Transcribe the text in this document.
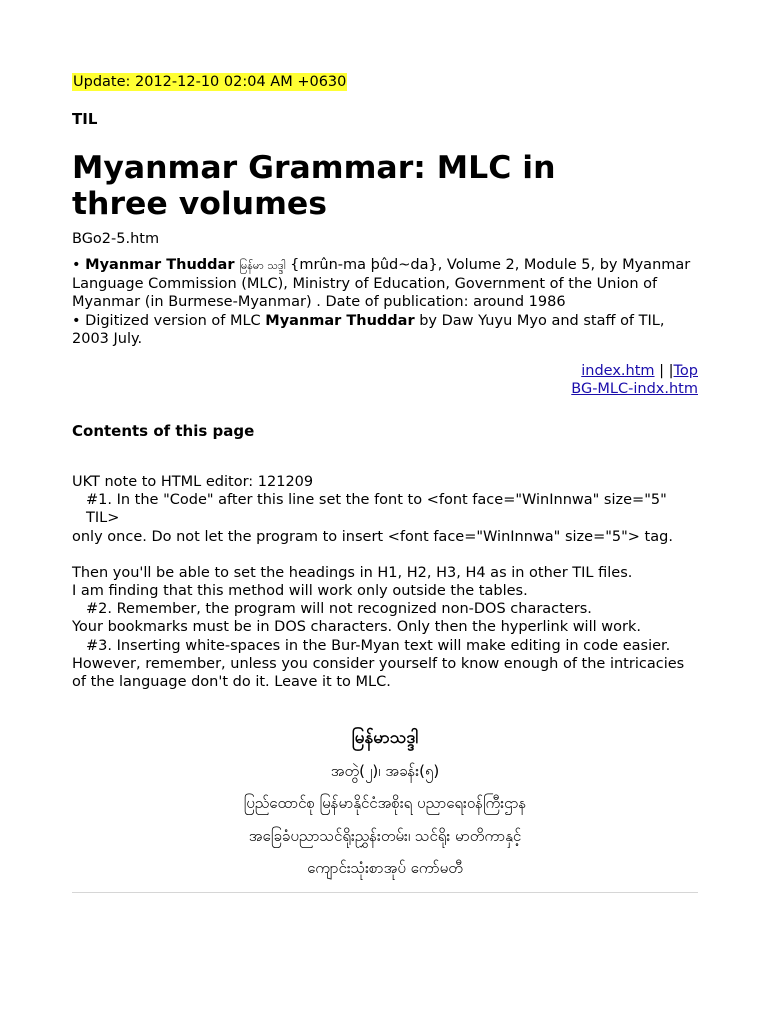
Update: 2012-12-10 02:04 AM +0630
TIL
Myanmar Grammar: MLC in three volumes
BGo2-5.htm
• Myanmar Thuddar မြန်မာ သဒ္ဒါ {mrûn-ma þûd~da}, Volume 2, Module 5, by Myanmar Language Commission (MLC), Ministry of Education, Government of the Union of Myanmar (in Burmese-Myanmar) . Date of publication: around 1986
• Digitized version of MLC Myanmar Thuddar by Daw Yuyu Myo and staff of TIL, 2003 July.
index.htm | |Top
BG-MLC-indx.htm
Contents of this page
UKT note to HTML editor: 121209
#1. In the "Code" after this line set the font to <font face="WinInnwa" size="5" TIL>
only once. Do not let the program to insert <font face="WinInnwa" size="5"> tag.
Then you'll be able to set the headings in H1, H2, H3, H4 as in other TIL files.
I am finding that this method will work only outside the tables.
#2. Remember, the program will not recognized non-DOS characters.
Your bookmarks must be in DOS characters. Only then the hyperlink will work.
#3. Inserting white-spaces in the Bur-Myan text will make editing in code easier.
However, remember, unless you consider yourself to know enough of the intricacies of the language don't do it. Leave it to MLC.
မြန်မာသဒ္ဒါ
အတွဲ(၂)၊ အခန်း(၅)
ပြည်ထောင်စု မြန်မာနိုင်ငံအစိုးရ ပညာရေးဝန်ကြီးဌာန
အခြေခံပညာသင်ရိုးညွှန်းတမ်း၊ သင်ရိုး မာတိကာနှင့်
ကျောင်းသုံးစာအုပ် ကော်မတီ
